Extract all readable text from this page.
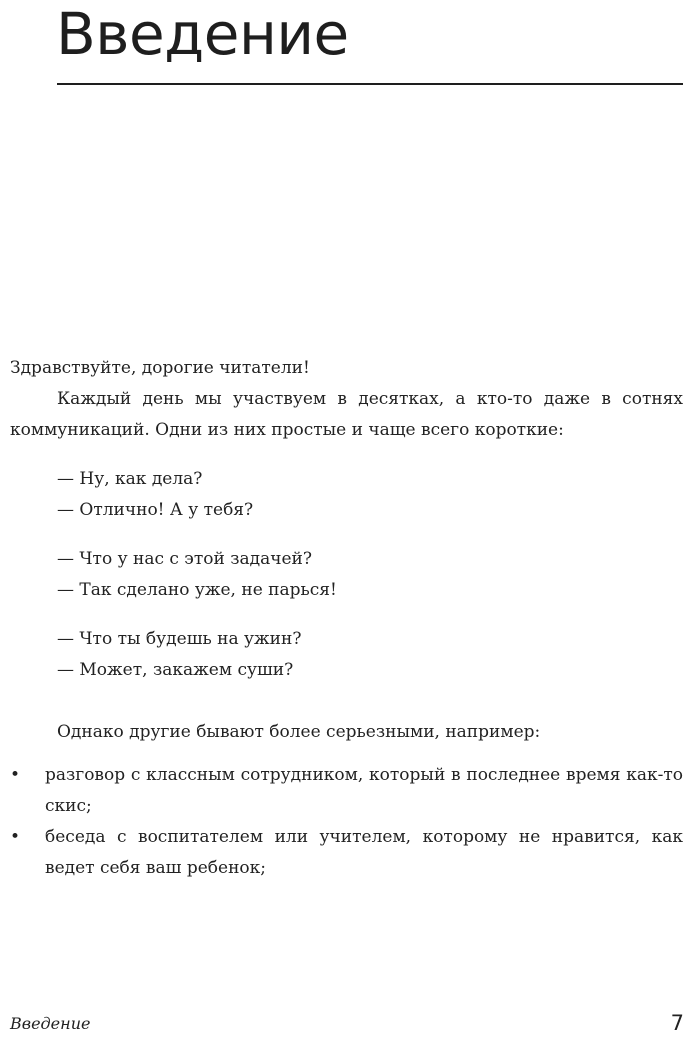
Введение

Здравствуйте, дорогие читатели!

Каждый день мы участвуем в десятках, а кто-то даже в сотнях коммуникаций. Одни из них простые и чаще всего короткие:

— Ну, как дела?
— Отлично! А у тебя?
— Что у нас с этой задачей?
— Так сделано уже, не парься!
— Что ты будешь на ужин?
— Может, закажем суши?

Однако другие бывают более серьезными, например:

•	разговор с классным сотрудником, который в последнее время как-то скис;
•	беседа с воспитателем или учителем, которому не нравится, как ведет себя ваш ребенок;
Введение	7
